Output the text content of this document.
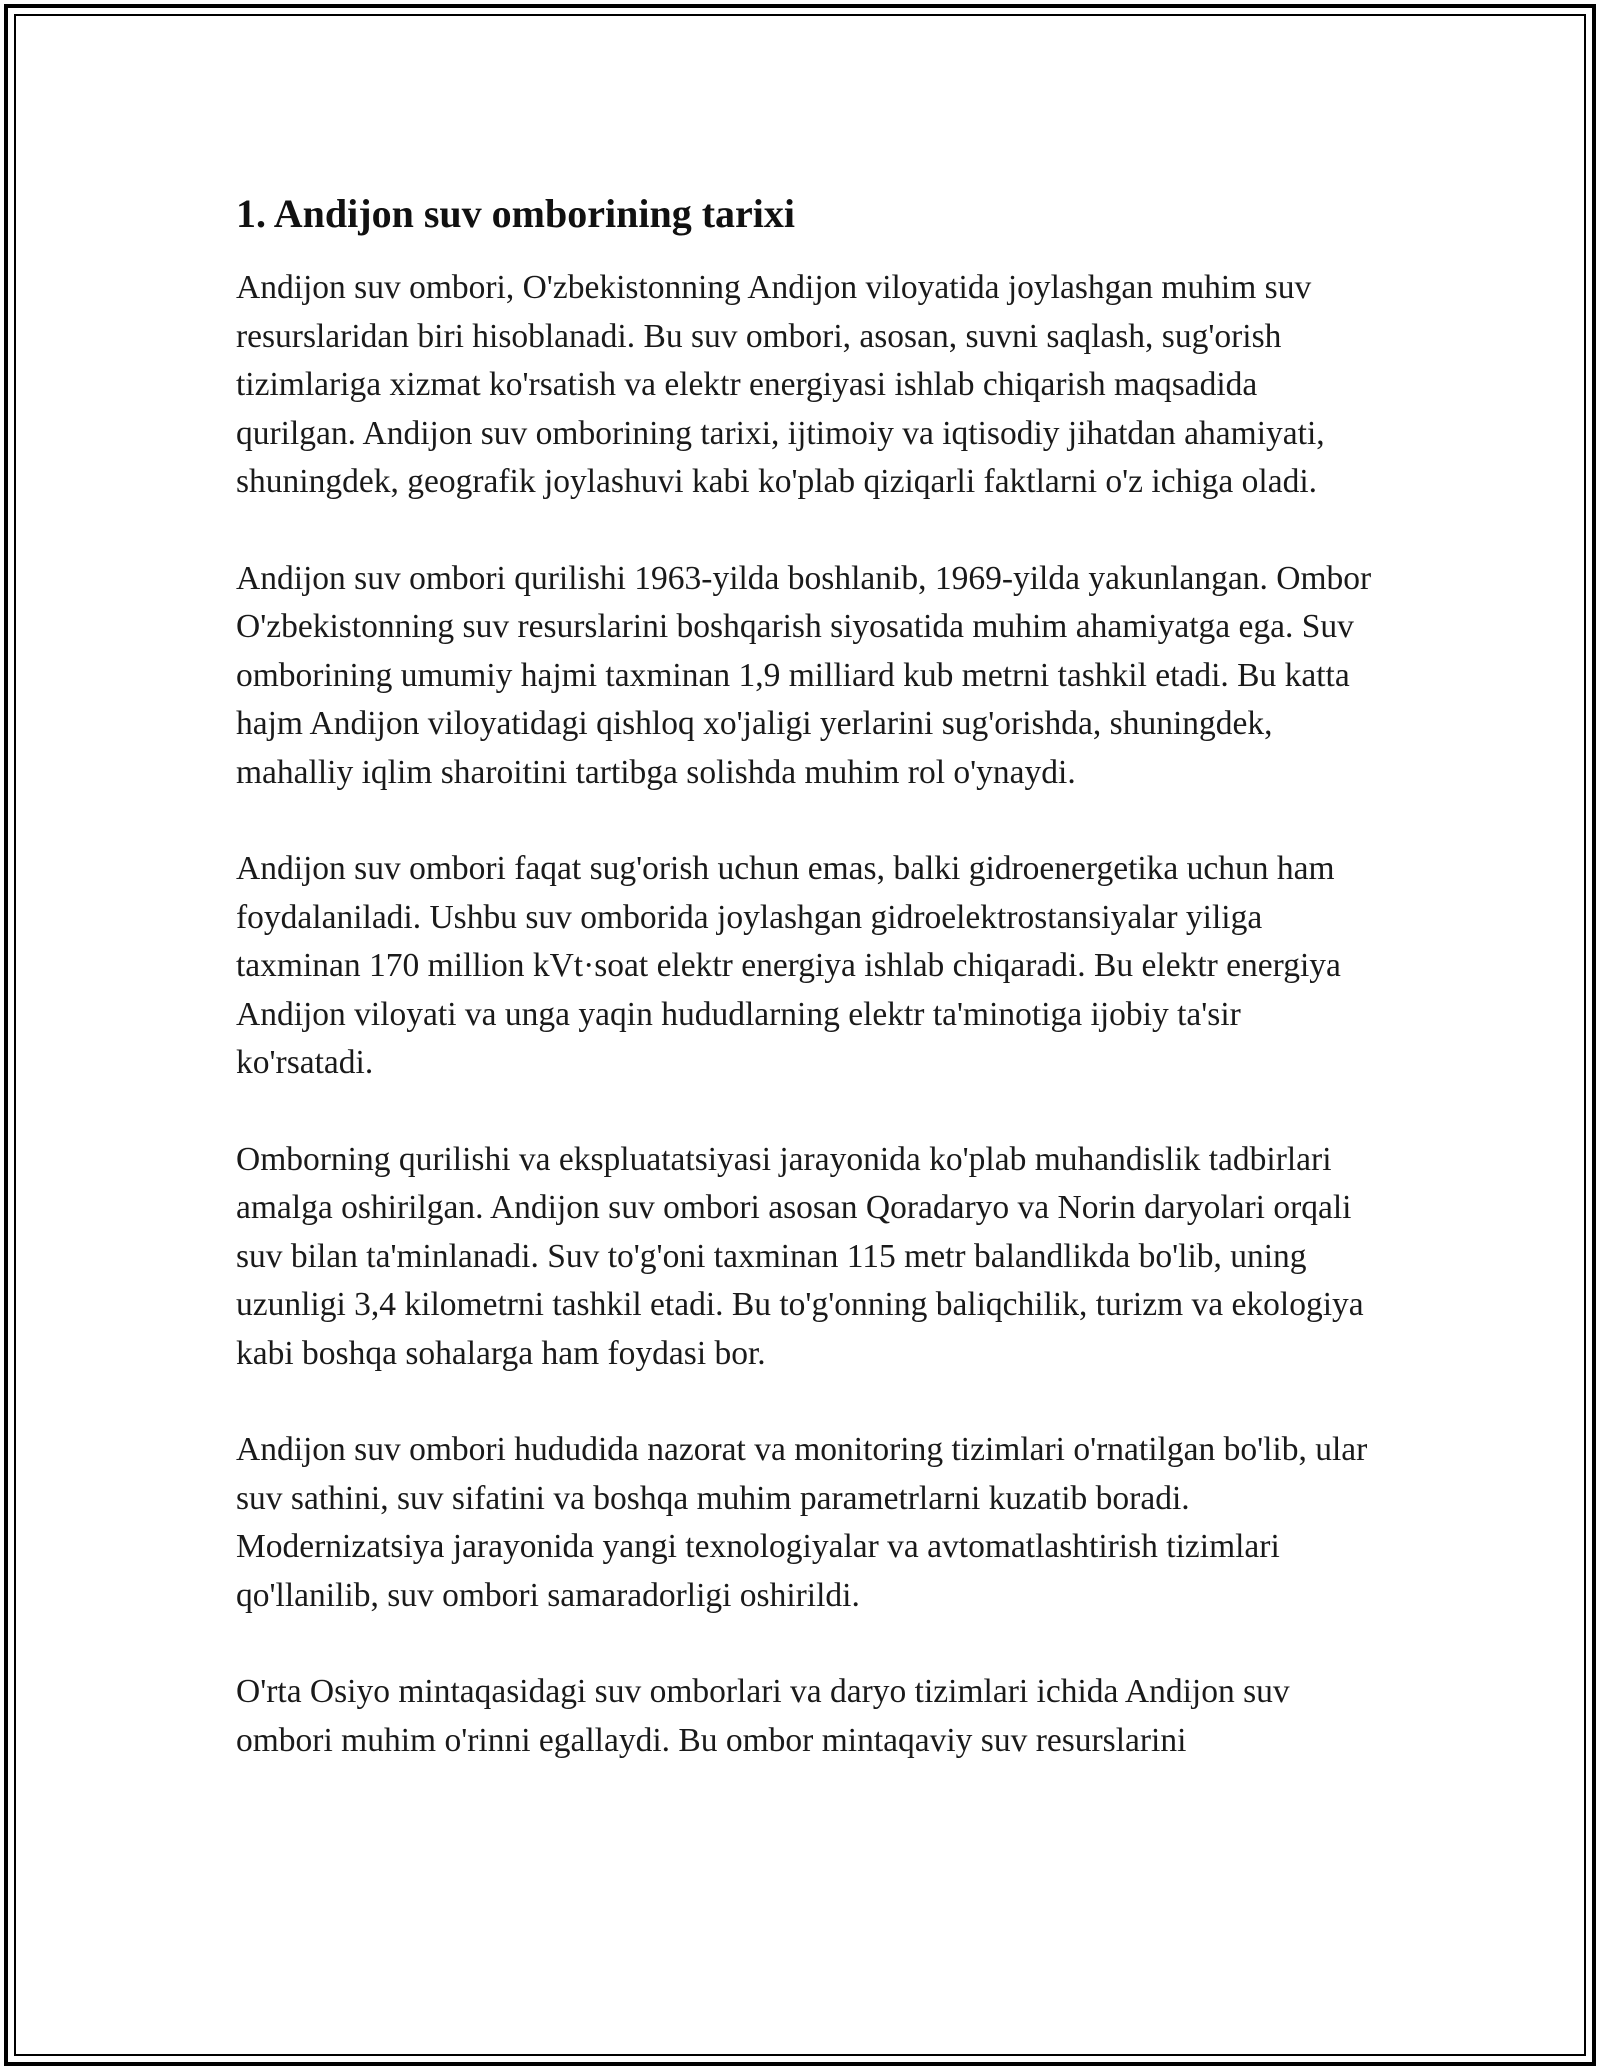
1. Andijon suv omborining tarixi

Andijon suv ombori, O'zbekistonning Andijon viloyatida joylashgan muhim suv resurslaridan biri hisoblanadi. Bu suv ombori, asosan, suvni saqlash, sug'orish tizimlariga xizmat ko'rsatish va elektr energiyasi ishlab chiqarish maqsadida qurilgan. Andijon suv omborining tarixi, ijtimoiy va iqtisodiy jihatdan ahamiyati, shuningdek, geografik joylashuvi kabi ko'plab qiziqarli faktlarni o'z ichiga oladi.

Andijon suv ombori qurilishi 1963-yilda boshlanib, 1969-yilda yakunlangan. Ombor O'zbekistonning suv resurslarini boshqarish siyosatida muhim ahamiyatga ega. Suv omborining umumiy hajmi taxminan 1,9 milliard kub metrni tashkil etadi. Bu katta hajm Andijon viloyatidagi qishloq xo'jaligi yerlarini sug'orishda, shuningdek, mahalliy iqlim sharoitini tartibga solishda muhim rol o'ynaydi.

Andijon suv ombori faqat sug'orish uchun emas, balki gidroenergetika uchun ham foydalaniladi. Ushbu suv omborida joylashgan gidroelektrostansiyalar yiliga taxminan 170 million kVt·soat elektr energiya ishlab chiqaradi. Bu elektr energiya Andijon viloyati va unga yaqin hududlarning elektr ta'minotiga ijobiy ta'sir ko'rsatadi.

Omborning qurilishi va ekspluatatsiyasi jarayonida ko'plab muhandislik tadbirlari amalga oshirilgan. Andijon suv ombori asosan Qoradaryo va Norin daryolari orqali suv bilan ta'minlanadi. Suv to'g'oni taxminan 115 metr balandlikda bo'lib, uning uzunligi 3,4 kilometrni tashkil etadi. Bu to'g'onning baliqchilik, turizm va ekologiya kabi boshqa sohalarga ham foydasi bor.

Andijon suv ombori hududida nazorat va monitoring tizimlari o'rnatilgan bo'lib, ular suv sathini, suv sifatini va boshqa muhim parametrlarni kuzatib boradi. Modernizatsiya jarayonida yangi texnologiyalar va avtomatlashtirish tizimlari qo'llanilib, suv ombori samaradorligi oshirildi.

O'rta Osiyo mintaqasidagi suv omborlari va daryo tizimlari ichida Andijon suv ombori muhim o'rinni egallaydi. Bu ombor mintaqaviy suv resurslarini
